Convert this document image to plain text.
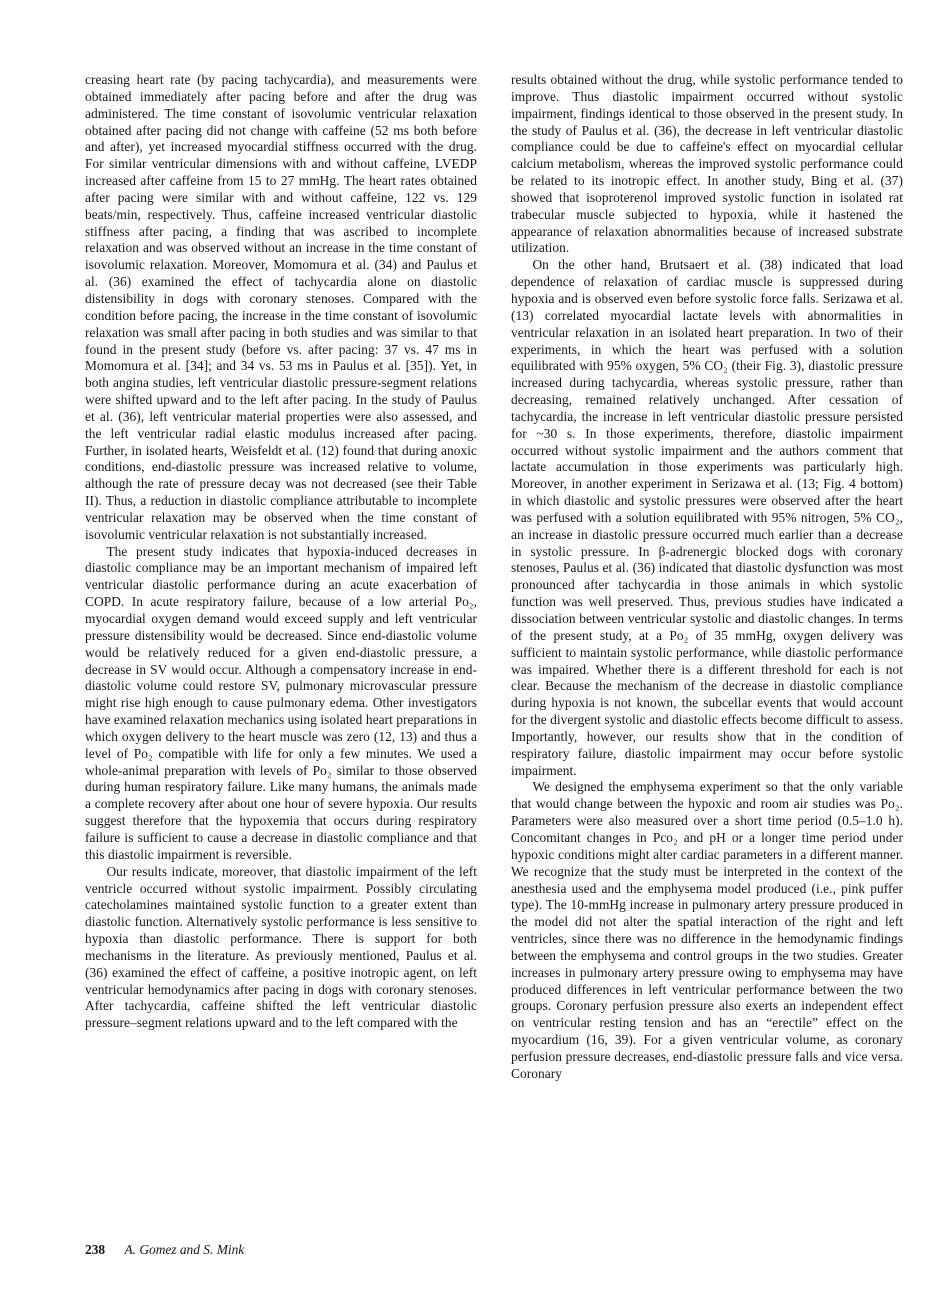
creasing heart rate (by pacing tachycardia), and measurements were obtained immediately after pacing before and after the drug was administered. The time constant of isovolumic ventricular relaxation obtained after pacing did not change with caffeine (52 ms both before and after), yet increased myocardial stiffness occurred with the drug. For similar ventricular dimensions with and without caffeine, LVEDP increased after caffeine from 15 to 27 mmHg. The heart rates obtained after pacing were similar with and without caffeine, 122 vs. 129 beats/min, respectively. Thus, caffeine increased ventricular diastolic stiffness after pacing, a finding that was ascribed to incomplete relaxation and was observed without an increase in the time constant of isovolumic relaxation. Moreover, Momomura et al. (34) and Paulus et al. (36) examined the effect of tachycardia alone on diastolic distensibility in dogs with coronary stenoses. Compared with the condition before pacing, the increase in the time constant of isovolumic relaxation was small after pacing in both studies and was similar to that found in the present study (before vs. after pacing: 37 vs. 47 ms in Momomura et al. [34]; and 34 vs. 53 ms in Paulus et al. [35]). Yet, in both angina studies, left ventricular diastolic pressure-segment relations were shifted upward and to the left after pacing. In the study of Paulus et al. (36), left ventricular material properties were also assessed, and the left ventricular radial elastic modulus increased after pacing. Further, in isolated hearts, Weisfeldt et al. (12) found that during anoxic conditions, end-diastolic pressure was increased relative to volume, although the rate of pressure decay was not decreased (see their Table II). Thus, a reduction in diastolic compliance attributable to incomplete ventricular relaxation may be observed when the time constant of isovolumic ventricular relaxation is not substantially increased.

The present study indicates that hypoxia-induced decreases in diastolic compliance may be an important mechanism of impaired left ventricular diastolic performance during an acute exacerbation of COPD. In acute respiratory failure, because of a low arterial Po₂, myocardial oxygen demand would exceed supply and left ventricular pressure distensibility would be decreased. Since end-diastolic volume would be relatively reduced for a given end-diastolic pressure, a decrease in SV would occur. Although a compensatory increase in end-diastolic volume could restore SV, pulmonary microvascular pressure might rise high enough to cause pulmonary edema. Other investigators have examined relaxation mechanics using isolated heart preparations in which oxygen delivery to the heart muscle was zero (12, 13) and thus a level of Po₂ compatible with life for only a few minutes. We used a whole-animal preparation with levels of Po₂ similar to those observed during human respiratory failure. Like many humans, the animals made a complete recovery after about one hour of severe hypoxia. Our results suggest therefore that the hypoxemia that occurs during respiratory failure is sufficient to cause a decrease in diastolic compliance and that this diastolic impairment is reversible.

Our results indicate, moreover, that diastolic impairment of the left ventricle occurred without systolic impairment. Possibly circulating catecholamines maintained systolic function to a greater extent than diastolic function. Alternatively systolic performance is less sensitive to hypoxia than diastolic performance. There is support for both mechanisms in the literature. As previously mentioned, Paulus et al. (36) examined the effect of caffeine, a positive inotropic agent, on left ventricular hemodynamics after pacing in dogs with coronary stenoses. After tachycardia, caffeine shifted the left ventricular diastolic pressure–segment relations upward and to the left compared with the

results obtained without the drug, while systolic performance tended to improve. Thus diastolic impairment occurred without systolic impairment, findings identical to those observed in the present study. In the study of Paulus et al. (36), the decrease in left ventricular diastolic compliance could be due to caffeine's effect on myocardial cellular calcium metabolism, whereas the improved systolic performance could be related to its inotropic effect. In another study, Bing et al. (37) showed that isoproterenol improved systolic function in isolated rat trabecular muscle subjected to hypoxia, while it hastened the appearance of relaxation abnormalities because of increased substrate utilization.

On the other hand, Brutsaert et al. (38) indicated that load dependence of relaxation of cardiac muscle is suppressed during hypoxia and is observed even before systolic force falls. Serizawa et al. (13) correlated myocardial lactate levels with abnormalities in ventricular relaxation in an isolated heart preparation. In two of their experiments, in which the heart was perfused with a solution equilibrated with 95% oxygen, 5% CO₂ (their Fig. 3), diastolic pressure increased during tachycardia, whereas systolic pressure, rather than decreasing, remained relatively unchanged. After cessation of tachycardia, the increase in left ventricular diastolic pressure persisted for ~30 s. In those experiments, therefore, diastolic impairment occurred without systolic impairment and the authors comment that lactate accumulation in those experiments was particularly high. Moreover, in another experiment in Serizawa et al. (13; Fig. 4 bottom) in which diastolic and systolic pressures were observed after the heart was perfused with a solution equilibrated with 95% nitrogen, 5% CO₂, an increase in diastolic pressure occurred much earlier than a decrease in systolic pressure. In β-adrenergic blocked dogs with coronary stenoses, Paulus et al. (36) indicated that diastolic dysfunction was most pronounced after tachycardia in those animals in which systolic function was well preserved. Thus, previous studies have indicated a dissociation between ventricular systolic and diastolic changes. In terms of the present study, at a Po₂ of 35 mmHg, oxygen delivery was sufficient to maintain systolic performance, while diastolic performance was impaired. Whether there is a different threshold for each is not clear. Because the mechanism of the decrease in diastolic compliance during hypoxia is not known, the subcellar events that would account for the divergent systolic and diastolic effects become difficult to assess. Importantly, however, our results show that in the condition of respiratory failure, diastolic impairment may occur before systolic impairment.

We designed the emphysema experiment so that the only variable that would change between the hypoxic and room air studies was Po₂. Parameters were also measured over a short time period (0.5–1.0 h). Concomitant changes in Pco₂ and pH or a longer time period under hypoxic conditions might alter cardiac parameters in a different manner. We recognize that the study must be interpreted in the context of the anesthesia used and the emphysema model produced (i.e., pink puffer type). The 10-mmHg increase in pulmonary artery pressure produced in the model did not alter the spatial interaction of the right and left ventricles, since there was no difference in the hemodynamic findings between the emphysema and control groups in the two studies. Greater increases in pulmonary artery pressure owing to emphysema may have produced differences in left ventricular performance between the two groups. Coronary perfusion pressure also exerts an independent effect on ventricular resting tension and has an “erectile” effect on the myocardium (16, 39). For a given ventricular volume, as coronary perfusion pressure decreases, end-diastolic pressure falls and vice versa. Coronary

238 A. Gomez and S. Mink
